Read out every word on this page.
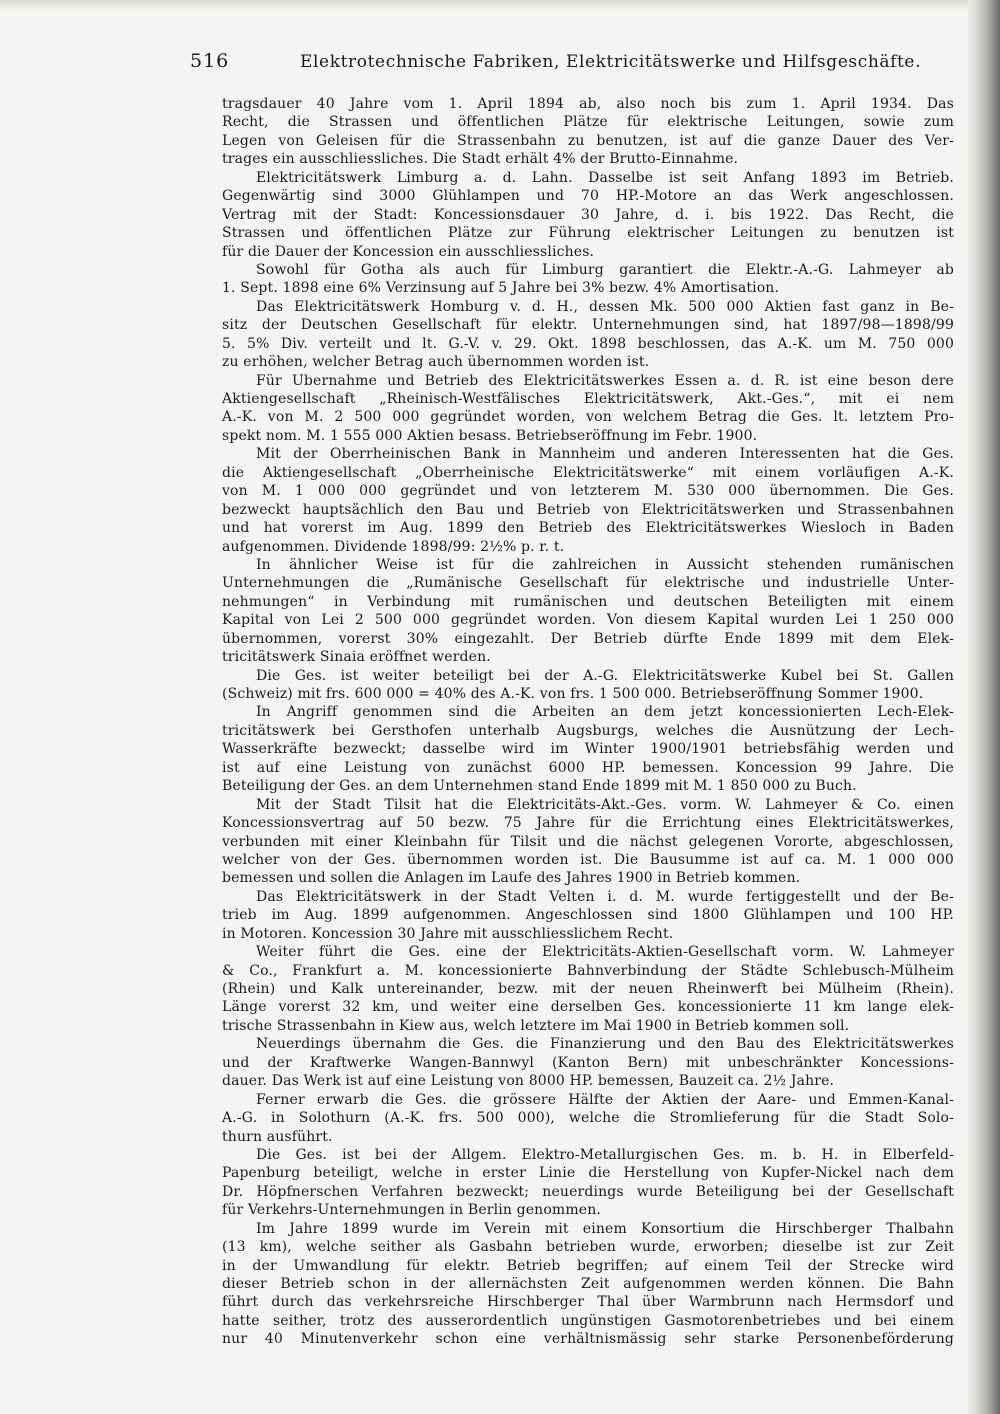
516	Elektrotechnische Fabriken, Elektricitätswerke und Hilfsgeschäfte.
tragsdauer 40 Jahre vom 1. April 1894 ab, also noch bis zum 1. April 1934. Das
Recht, die Strassen und öffentlichen Plätze für elektrische Leitungen, sowie zum
Legen von Geleisen für die Strassenbahn zu benutzen, ist auf die ganze Dauer des Ver-
trages ein ausschliessliches. Die Stadt erhält 4% der Brutto-Einnahme.
Elektricitätswerk Limburg a. d. Lahn. Dasselbe ist seit Anfang 1893 im Betrieb.
Gegenwärtig sind 3000 Glühlampen und 70 HP.-Motore an das Werk angeschlossen.
Vertrag mit der Stadt: Koncessionsdauer 30 Jahre, d. i. bis 1922. Das Recht, die
Strassen und öffentlichen Plätze zur Führung elektrischer Leitungen zu benutzen ist
für die Dauer der Koncession ein ausschliessliches.
Sowohl für Gotha als auch für Limburg garantiert die Elektr.-A.-G. Lahmeyer ab
1. Sept. 1898 eine 6% Verzinsung auf 5 Jahre bei 3% bezw. 4% Amortisation.
Das Elektricitätswerk Homburg v. d. H., dessen Mk. 500 000 Aktien fast ganz in Be-
sitz der Deutschen Gesellschaft für elektr. Unternehmungen sind, hat 1897/98—1898/99
5. 5% Div. verteilt und lt. G.-V. v. 29. Okt. 1898 beschlossen, das A.-K. um M. 750 000
zu erhöhen, welcher Betrag auch übernommen worden ist.
Für Übernahme und Betrieb des Elektricitätswerkes Essen a. d. R. ist eine beson dere
Aktiengesellschaft „Rheinisch-Westfälisches Elektricitätswerk, Akt.-Ges.“, mit ei nem
A.-K. von M. 2 500 000 gegründet worden, von welchem Betrag die Ges. lt. letztem Pro-
spekt nom. M. 1 555 000 Aktien besass. Betriebseröffnung im Febr. 1900.
Mit der Oberrheinischen Bank in Mannheim und anderen Interessenten hat die Ges.
die Aktiengesellschaft „Oberrheinische Elektricitätswerke“ mit einem vorläufigen A.-K.
von M. 1 000 000 gegründet und von letzterem M. 530 000 übernommen. Die Ges.
bezweckt hauptsächlich den Bau und Betrieb von Elektricitätswerken und Strassenbahnen
und hat vorerst im Aug. 1899 den Betrieb des Elektricitätswerkes Wiesloch in Baden
aufgenommen. Dividende 1898/99: 2½% p. r. t.
In ähnlicher Weise ist für die zahlreichen in Aussicht stehenden rumänischen
Unternehmungen die „Rumänische Gesellschaft für elektrische und industrielle Unter-
nehmungen“ in Verbindung mit rumänischen und deutschen Beteiligten mit einem
Kapital von Lei 2 500 000 gegründet worden. Von diesem Kapital wurden Lei 1 250 000
übernommen, vorerst 30% eingezahlt. Der Betrieb dürfte Ende 1899 mit dem Elek-
tricitätswerk Sinaia eröffnet werden.
Die Ges. ist weiter beteiligt bei der A.-G. Elektricitätswerke Kubel bei St. Gallen
(Schweiz) mit frs. 600 000 = 40% des A.-K. von frs. 1 500 000. Betriebseröffnung Sommer 1900.
In Angriff genommen sind die Arbeiten an dem jetzt koncessionierten Lech-Elek-
tricitätswerk bei Gersthofen unterhalb Augsburgs, welches die Ausnützung der Lech-
Wasserkräfte bezweckt; dasselbe wird im Winter 1900/1901 betriebsfähig werden und
ist auf eine Leistung von zunächst 6000 HP. bemessen. Koncession 99 Jahre. Die
Beteiligung der Ges. an dem Unternehmen stand Ende 1899 mit M. 1 850 000 zu Buch.
Mit der Stadt Tilsit hat die Elektricitäts-Akt.-Ges. vorm. W. Lahmeyer & Co. einen
Koncessionsvertrag auf 50 bezw. 75 Jahre für die Errichtung eines Elektricitätswerkes,
verbunden mit einer Kleinbahn für Tilsit und die nächst gelegenen Vororte, abgeschlossen,
welcher von der Ges. übernommen worden ist. Die Bausumme ist auf ca. M. 1 000 000
bemessen und sollen die Anlagen im Laufe des Jahres 1900 in Betrieb kommen.
Das Elektricitätswerk in der Stadt Velten i. d. M. wurde fertiggestellt und der Be-
trieb im Aug. 1899 aufgenommen. Angeschlossen sind 1800 Glühlampen und 100 HP.
in Motoren. Koncession 30 Jahre mit ausschliesslichem Recht.
Weiter führt die Ges. eine der Elektricitäts-Aktien-Gesellschaft vorm. W. Lahmeyer
& Co., Frankfurt a. M. koncessionierte Bahnverbindung der Städte Schlebusch-Mülheim
(Rhein) und Kalk untereinander, bezw. mit der neuen Rheinwerft bei Mülheim (Rhein).
Länge vorerst 32 km, und weiter eine derselben Ges. koncessionierte 11 km lange elek-
trische Strassenbahn in Kiew aus, welch letztere im Mai 1900 in Betrieb kommen soll.
Neuerdings übernahm die Ges. die Finanzierung und den Bau des Elektricitätswerkes
und der Kraftwerke Wangen-Bannwyl (Kanton Bern) mit unbeschränkter Koncessions-
dauer. Das Werk ist auf eine Leistung von 8000 HP. bemessen, Bauzeit ca. 2½ Jahre.
Ferner erwarb die Ges. die grössere Hälfte der Aktien der Aare- und Emmen-Kanal-
A.-G. in Solothurn (A.-K. frs. 500 000), welche die Stromlieferung für die Stadt Solo-
thurn ausführt.
Die Ges. ist bei der Allgem. Elektro-Metallurgischen Ges. m. b. H. in Elberfeld-
Papenburg beteiligt, welche in erster Linie die Herstellung von Kupfer-Nickel nach dem
Dr. Höpfnerschen Verfahren bezweckt; neuerdings wurde Beteiligung bei der Gesellschaft
für Verkehrs-Unternehmungen in Berlin genommen.
Im Jahre 1899 wurde im Verein mit einem Konsortium die Hirschberger Thalbahn
(13 km), welche seither als Gasbahn betrieben wurde, erworben; dieselbe ist zur Zeit
in der Umwandlung für elektr. Betrieb begriffen; auf einem Teil der Strecke wird
dieser Betrieb schon in der allernächsten Zeit aufgenommen werden können. Die Bahn
führt durch das verkehrsreiche Hirschberger Thal über Warmbrunn nach Hermsdorf und
hatte seither, trotz des ausserordentlich ungünstigen Gasmotorenbetriebes und bei einem
nur 40 Minutenverkehr schon eine verhältnismässig sehr starke Personenbeförderung
